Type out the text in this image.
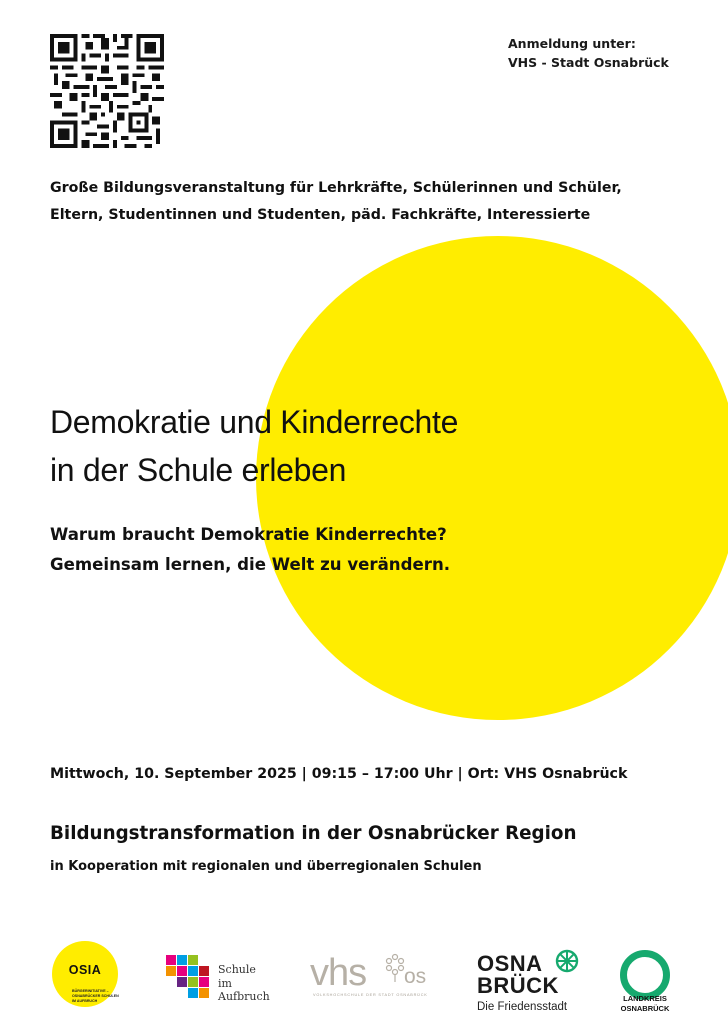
Anmeldung unter:
VHS - Stadt Osnabrück
Große Bildungsveranstaltung für Lehrkräfte, Schülerinnen und Schüler,
Eltern, Studentinnen und Studenten, päd. Fachkräfte, Interessierte
Demokratie und Kinderrechte
in der Schule erleben
Warum braucht Demokratie Kinderrechte?
Gemeinsam lernen, die Welt zu verändern.
Mittwoch, 10. September 2025 | 09:15 – 17:00 Uhr | Ort: VHS Osnabrück
Bildungstransformation in der Osnabrücker Region
in Kooperation mit regionalen und überregionalen Schulen
OSIA
BÜRGERINITIATIVE –
OSNABRÜCKER SCHULEN
IM AUFBRUCH
Schule
im
Aufbruch
vhs os
VOLKSHOCHSCHULE DER STADT OSNABRÜCK
OSNA
BRÜCK
Die Friedensstadt
LANDKREIS
OSNABRÜCK
